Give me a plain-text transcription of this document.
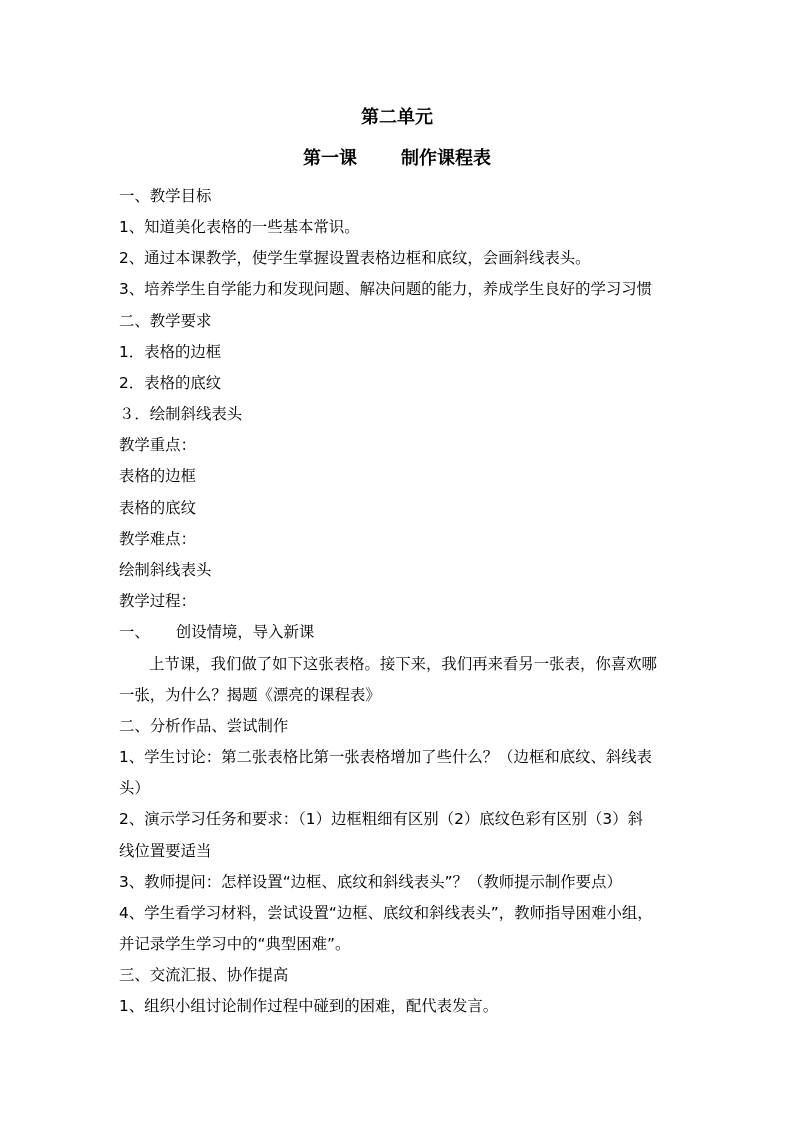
第二单元
第一课 制作课程表
一、教学目标
1、知道美化表格的一些基本常识。
2、通过本课教学，使学生掌握设置表格边框和底纹，会画斜线表头。
3、培养学生自学能力和发现问题、解决问题的能力，养成学生良好的学习习惯
二、教学要求
1．表格的边框
2．表格的底纹
３．绘制斜线表头
教学重点：
表格的边框
表格的底纹
教学难点：
绘制斜线表头
教学过程：
一、 创设情境，导入新课
上节课，我们做了如下这张表格。接下来，我们再来看另一张表，你喜欢哪
一张，为什么？揭题《漂亮的课程表》
二、分析作品、尝试制作
1、学生讨论：第二张表格比第一张表格增加了些什么？（边框和底纹、斜线表
头）
2、演示学习任务和要求：（1）边框粗细有区别（2）底纹色彩有区别（3）斜
线位置要适当
3、教师提问：怎样设置“边框、底纹和斜线表头”？（教师提示制作要点）
4、学生看学习材料，尝试设置“边框、底纹和斜线表头”，教师指导困难小组，
并记录学生学习中的“典型困难”。
三、交流汇报、协作提高
1、组织小组讨论制作过程中碰到的困难，配代表发言。
